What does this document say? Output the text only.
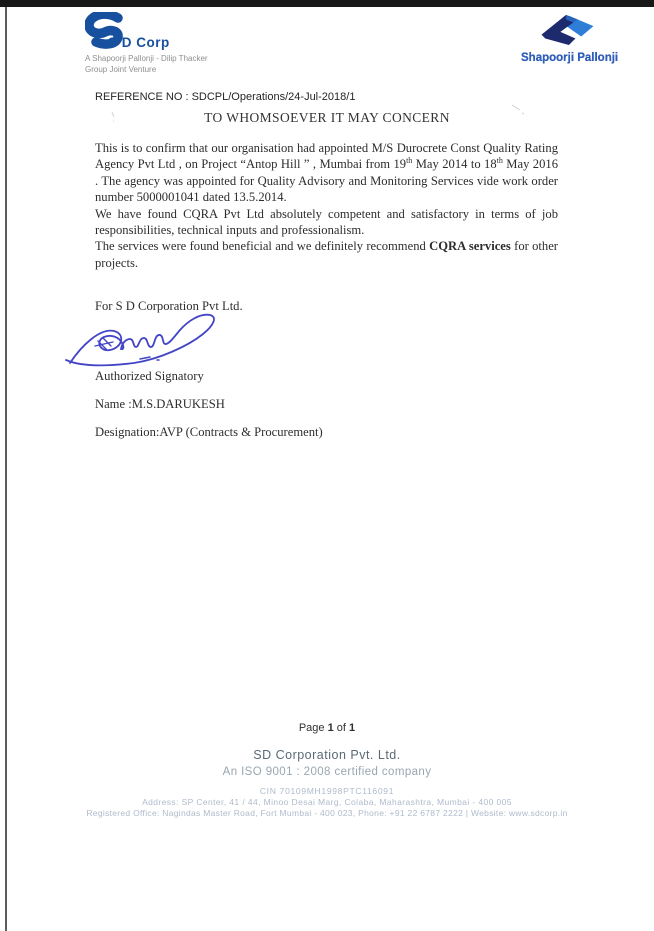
S D Corp
A Shapoorji Pallonji - Dilip Thacker
Group Joint Venture
Shapoorji Pallonji
REFERENCE NO : SDCPL/Operations/24-Jul-2018/1
TO WHOMSOEVER IT MAY CONCERN

This is to confirm that our organisation had appointed M/S Durocrete Const Quality Rating Agency Pvt Ltd , on Project “Antop Hill ” , Mumbai from 19th May 2014 to 18th May 2016 . The agency was appointed for Quality Advisory and Monitoring Services vide work order number 5000001041 dated 13.5.2014.

We have found CQRA Pvt Ltd absolutely competent and satisfactory in terms of job responsibilities, technical inputs and professionalism.

The services were found beneficial and we definitely recommend CQRA services for other projects.

For S D Corporation Pvt Ltd.
Authorized Signatory
Name :M.S.DARUKESH
Designation:AVP (Contracts & Procurement)
Page 1 of 1
SD Corporation Pvt. Ltd.
An ISO 9001 : 2008 certified company
CIN 70109MH1998PTC116091
Address: SP Center, 41 / 44, Minoo Desai Marg, Colaba, Maharashtra, Mumbai - 400 005
Registered Office: Nagindas Master Road, Fort Mumbai - 400 023, Phone: +91 22 6787 2222 | Website: www.sdcorp.in
